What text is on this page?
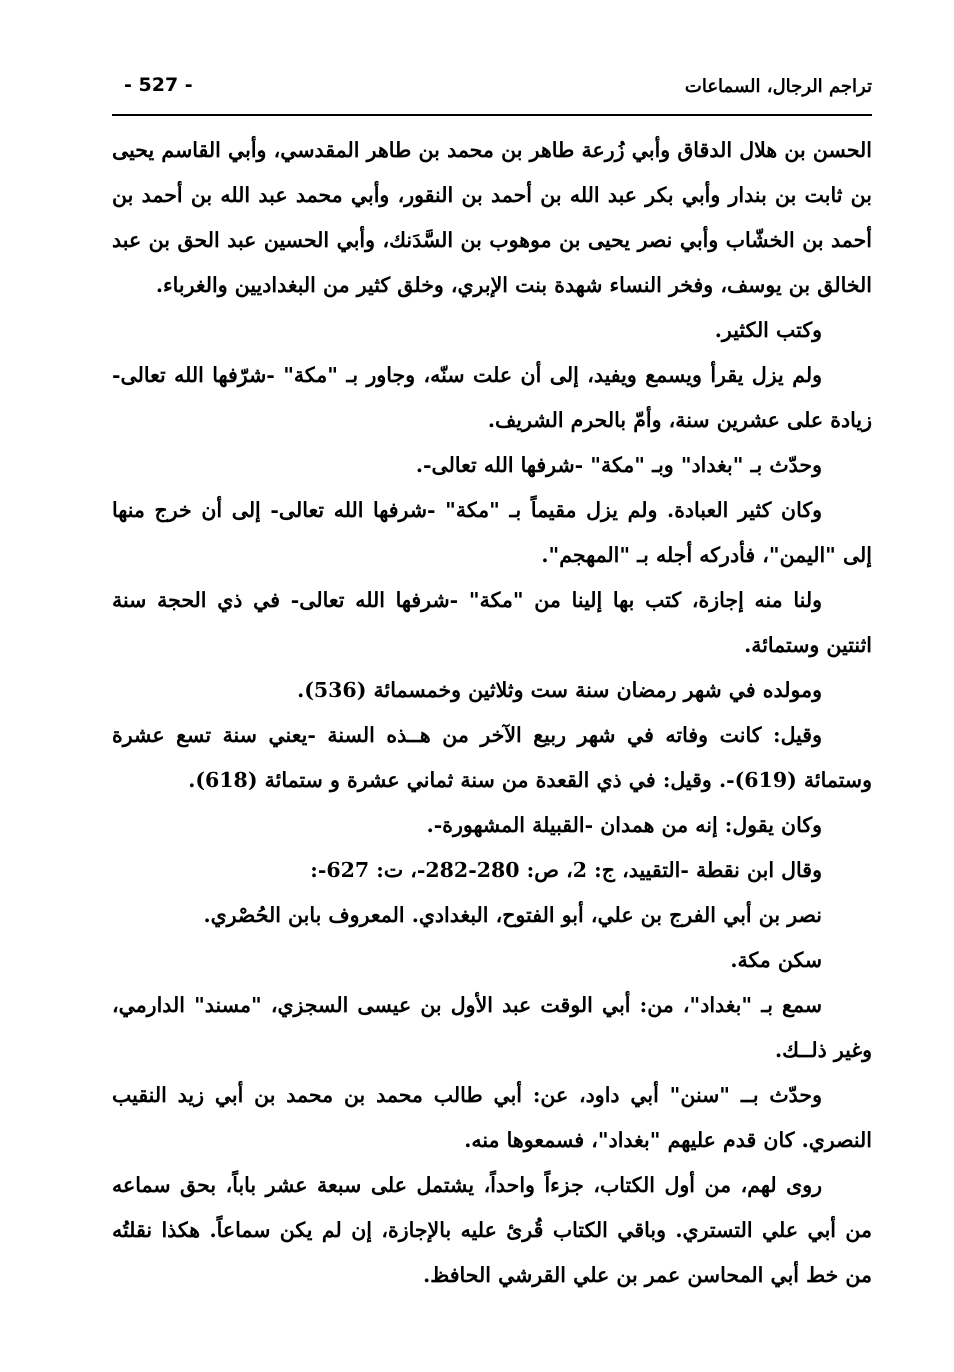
تراجم الرجال، السماعات
- 527 -

الحسن بن هلال الدقاق وأبي زُرعة طاهر بن محمد بن طاهر المقدسي، وأبي القاسم يحيى بن ثابت بن بندار وأبي بكر عبد الله بن أحمد بن النقور، وأبي محمد عبد الله بن أحمد بن أحمد بن الخشّاب وأبي نصر يحيى بن موهوب بن السَّدَنك، وأبي الحسين عبد الحق بن عبد الخالق بن يوسف، وفخر النساء شهدة بنت الإبري، وخلق كثير من البغداديين والغرباء.

وكتب الكثير.

ولم يزل يقرأ ويسمع ويفيد، إلى أن علت سنّه، وجاور بـ "مكة" -شرّفها الله تعالى- زيادة على عشرين سنة، وأمّ بالحرم الشريف.

وحدّث بـ "بغداد" وبـ "مكة" -شرفها الله تعالى-.

وكان كثير العبادة. ولم يزل مقيماً بـ "مكة" -شرفها الله تعالى- إلى أن خرج منها إلى "اليمن"، فأدركه أجله بـ "المهجم".

ولنا منه إجازة، كتب بها إلينا من "مكة" -شرفها الله تعالى- في ذي الحجة سنة اثنتين وستمائة.

ومولده في شهر رمضان سنة ست وثلاثين وخمسمائة (536).

وقيل: كانت وفاته في شهر ربيع الآخر من هــذه السنة -يعني سنة تسع عشرة وستمائة (619)-. وقيل: في ذي القعدة من سنة ثماني عشرة و ستمائة (618).

وكان يقول: إنه من همدان -القبيلة المشهورة-.

وقال ابن نقطة -التقييد، ج: 2، ص: 280-282-، ت: 627-:

نصر بن أبي الفرج بن علي، أبو الفتوح، البغدادي. المعروف بابن الحُصْري.

سكن مكة.

سمع بـ "بغداد"، من: أبي الوقت عبد الأول بن عيسى السجزي، "مسند" الدارمي، وغير ذلــك.

وحدّث بــ "سنن" أبي داود، عن: أبي طالب محمد بن محمد بن أبي زيد النقيب النصري. كان قدم عليهم "بغداد"، فسمعوها منه.

روى لهم، من أول الكتاب، جزءاً واحداً، يشتمل على سبعة عشر باباً، بحق سماعه من أبي علي التستري. وباقي الكتاب قُرئ عليه بالإجازة، إن لم يكن سماعاً. هكذا نقلتُه من خط أبي المحاسن عمر بن علي القرشي الحافظ.
